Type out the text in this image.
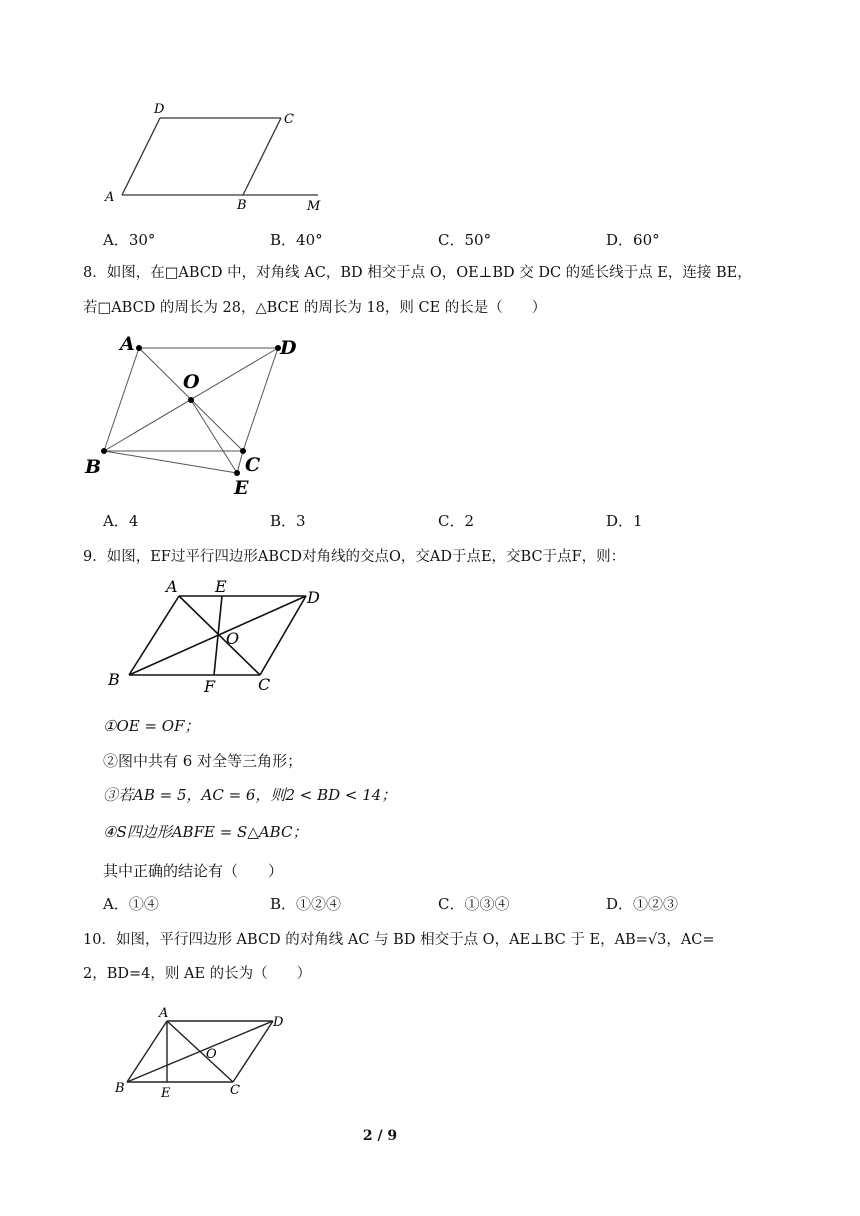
D
C
A
B	M
A．30°	B．40°	C．50°	D．60°
8．如图，在□ABCD 中，对角线 AC，BD 相交于点 O，OE⊥BD 交 DC 的延长线于点 E，连接 BE，
若□ABCD 的周长为 28，△BCE 的周长为 18，则 CE 的长是（　　）
A	D
O
B	C
E
A．4	B．3	C．2	D．1
9．如图，EF过平行四边形ABCD对角线的交点O，交AD于点E，交BC于点F，则：
A E
D
O
B	F	C
①OE = OF；
②图中共有 6 对全等三角形；
③若AB = 5，AC = 6，则2 < BD < 14；
④S四边形ABFE = S△ABC；
其中正确的结论有（　　）
A．①④	B．①②④	C．①③④	D．①②③
10．如图，平行四边形 ABCD 的对角线 AC 与 BD 相交于点 O，AE⊥BC 于 E，AB=√3，AC=
2，BD=4，则 AE 的长为（　　）
A
D
O
B	E	C
2 / 9
